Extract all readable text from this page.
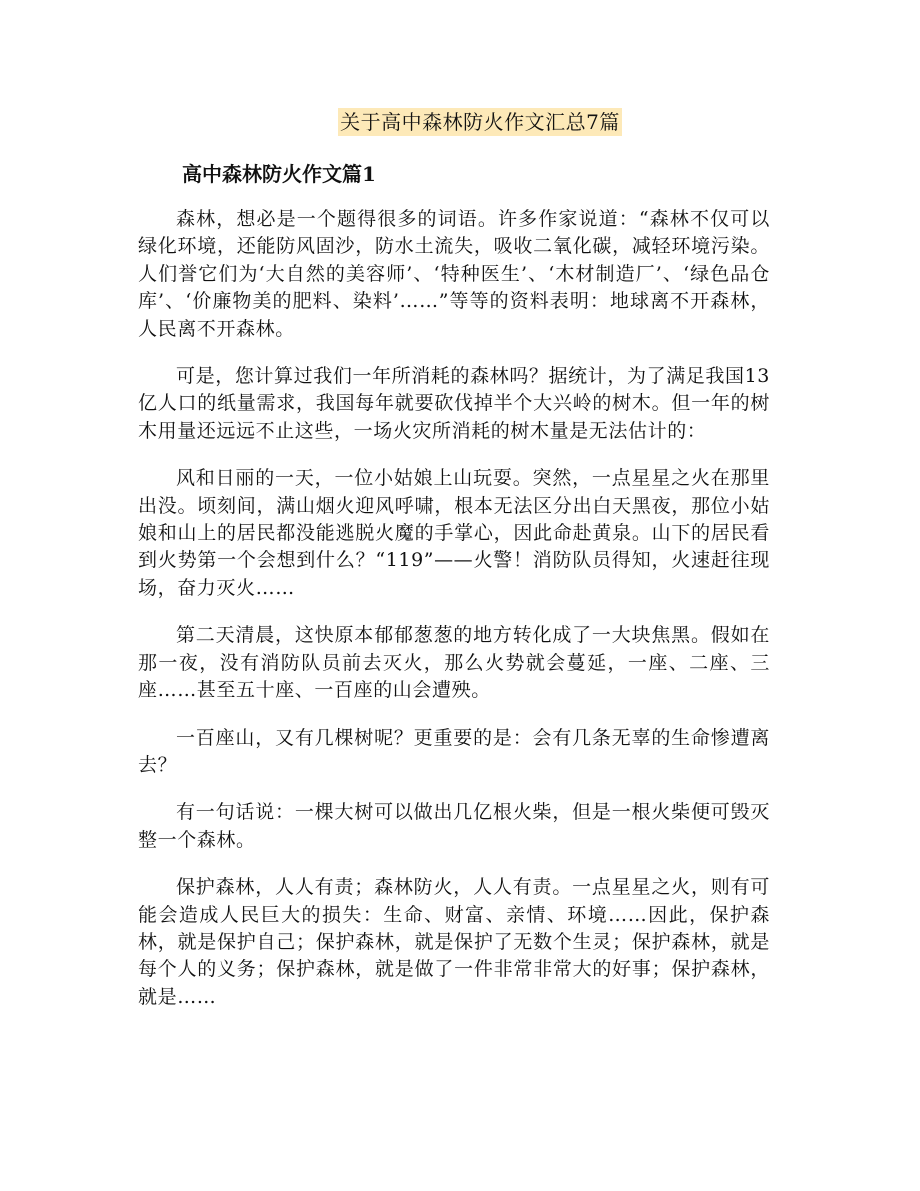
关于高中森林防火作文汇总7篇
高中森林防火作文篇1

森林，想必是一个题得很多的词语。许多作家说道：“森林不仅可以绿化环境，还能防风固沙，防水土流失，吸收二氧化碳，减轻环境污染。人们誉它们为‘大自然的美容师’、‘特种医生’、‘木材制造厂’、‘绿色品仓库’、‘价廉物美的肥料、染料’……”等等的资料表明：地球离不开森林，人民离不开森林。

可是，您计算过我们一年所消耗的森林吗？据统计，为了满足我国13亿人口的纸量需求，我国每年就要砍伐掉半个大兴岭的树木。但一年的树木用量还远远不止这些，一场火灾所消耗的树木量是无法估计的：

风和日丽的一天，一位小姑娘上山玩耍。突然，一点星星之火在那里出没。顷刻间，满山烟火迎风呼啸，根本无法区分出白天黑夜，那位小姑娘和山上的居民都没能逃脱火魔的手掌心，因此命赴黄泉。山下的居民看到火势第一个会想到什么？“119”——火警！消防队员得知，火速赶往现场，奋力灭火……

第二天清晨，这快原本郁郁葱葱的地方转化成了一大块焦黑。假如在那一夜，没有消防队员前去灭火，那么火势就会蔓延，一座、二座、三座……甚至五十座、一百座的山会遭殃。

一百座山，又有几棵树呢？更重要的是：会有几条无辜的生命惨遭离去？

有一句话说：一棵大树可以做出几亿根火柴，但是一根火柴便可毁灭整一个森林。

保护森林，人人有责；森林防火，人人有责。一点星星之火，则有可能会造成人民巨大的损失：生命、财富、亲情、环境……因此，保护森林，就是保护自己；保护森林，就是保护了无数个生灵；保护森林，就是每个人的义务；保护森林，就是做了一件非常非常大的好事；保护森林，就是……
